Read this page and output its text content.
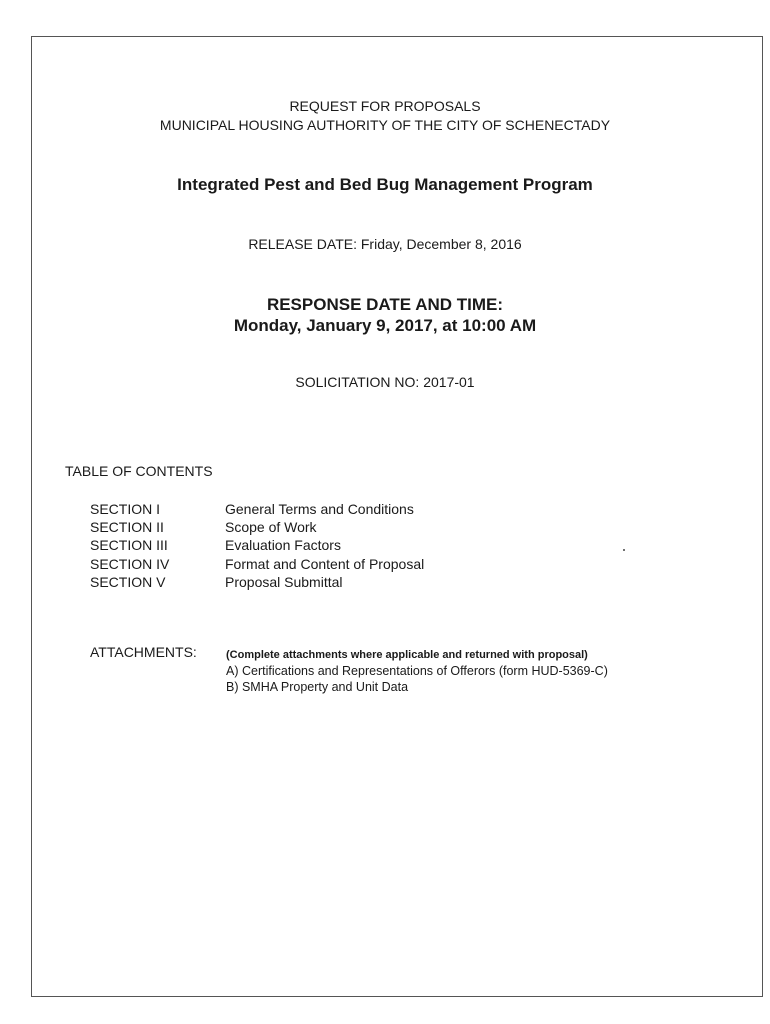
REQUEST FOR PROPOSALS
MUNICIPAL HOUSING AUTHORITY OF THE CITY OF SCHENECTADY
Integrated Pest and Bed Bug Management Program
RELEASE DATE: Friday, December 8, 2016
RESPONSE DATE AND TIME:
Monday, January 9, 2017, at 10:00 AM
SOLICITATION NO: 2017-01
TABLE OF CONTENTS
SECTION I	General Terms and Conditions
SECTION II	Scope of Work
SECTION III	Evaluation Factors
SECTION IV	Format and Content of Proposal
SECTION V	Proposal Submittal
ATTACHMENTS:	(Complete attachments where applicable and returned with proposal)
A) Certifications and Representations of Offerors (form HUD-5369-C)
B) SMHA Property and Unit Data
